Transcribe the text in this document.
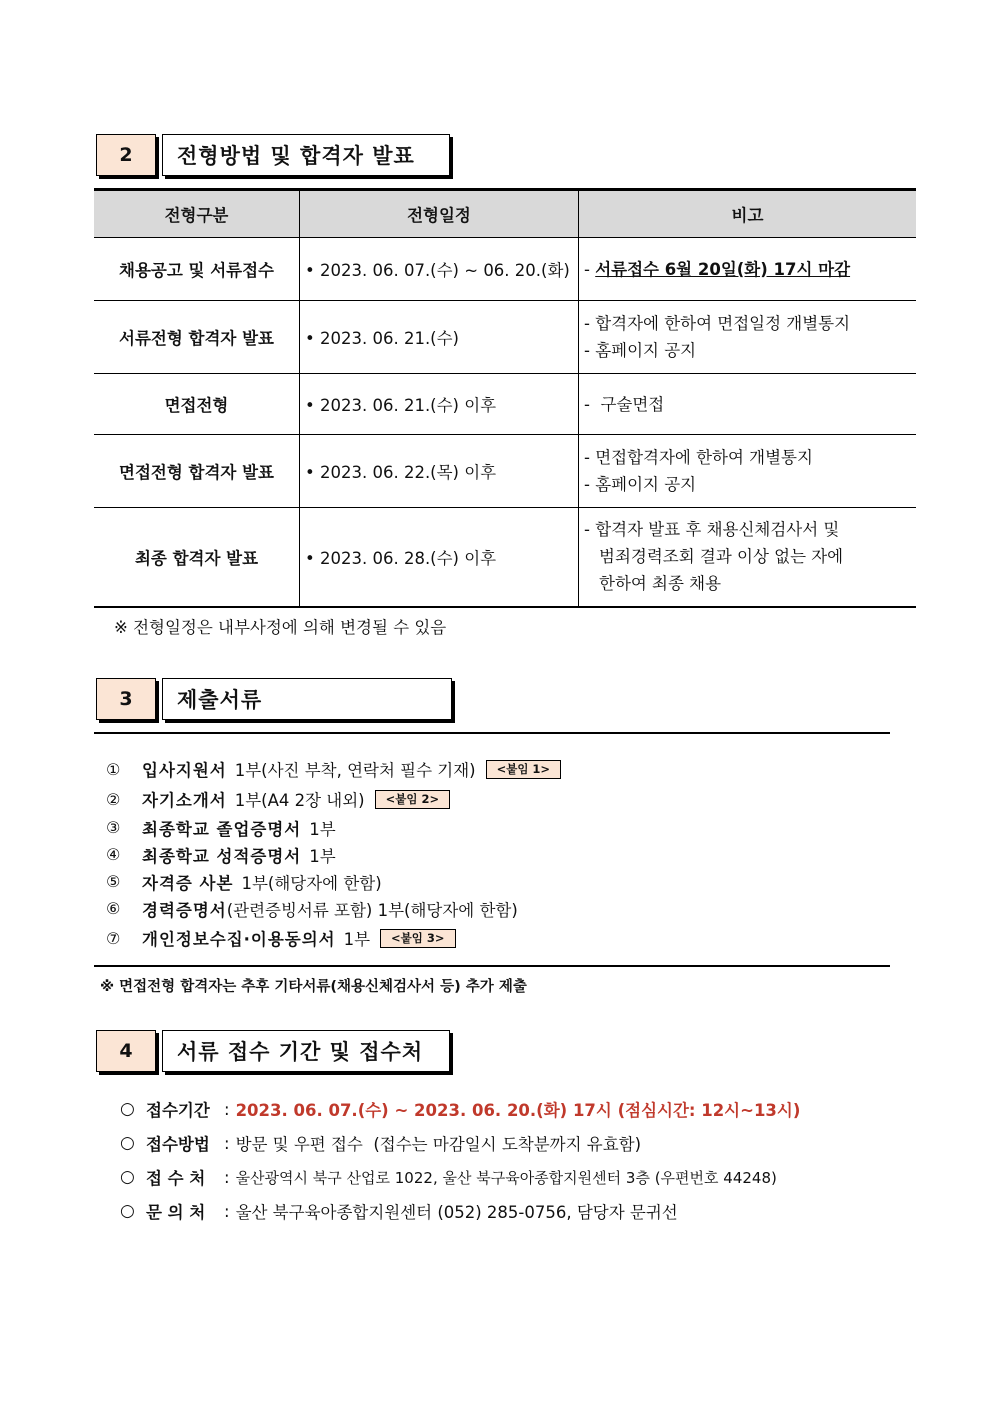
2	전형방법 및 합격자 발표
전형구분	전형일정	비고
채용공고 및 서류접수	• 2023. 06. 07.(수) ~ 06. 20.(화)	- 서류접수 6월 20일(화) 17시 마감
서류전형 합격자 발표	• 2023. 06. 21.(수)	- 합격자에 한하여 면접일정 개별통지
- 홈페이지 공지

면접전형	• 2023. 06. 21.(수) 이후	-  구술면접

면접전형 합격자 발표	• 2023. 06. 22.(목) 이후	- 면접합격자에 한하여 개별통지
- 홈페이지 공지

최종 합격자 발표	• 2023. 06. 28.(수) 이후	- 합격자 발표 후 채용신체검사서 및
범죄경력조회 결과 이상 없는 자에
한하여 최종 채용
※ 전형일정은 내부사정에 의해 변경될 수 있음
3	제출서류
①	입사지원서 1부(사진 부착, 연락처 필수 기재)	<붙임 1>
②	자기소개서 1부(A4 2장 내외)	<붙임 2>
③	최종학교 졸업증명서 1부
④	최종학교 성적증명서 1부
⑤	자격증 사본 1부(해당자에 한함)
⑥	경력증명서 (관련증빙서류 포함) 1부(해당자에 한함)
⑦	개인정보수집·이용동의서 1부	<붙임 3>
※ 면접전형 합격자는 추후 기타서류(채용신체검사서 등) 추가 제출
4	서류 접수 기간 및 접수처
○ 접수기간 : 2023. 06. 07.(수) ~ 2023. 06. 20.(화) 17시 (점심시간: 12시~13시)
○ 접수방법 : 방문 및 우편 접수  (접수는 마감일시 도착분까지 유효함)
○ 접 수 처	: 울산광역시 북구 산업로 1022, 울산 북구육아종합지원센터 3층 (우편번호 44248)
○ 문 의 처	: 울산 북구육아종합지원센터 (052) 285-0756, 담당자 문귀선
